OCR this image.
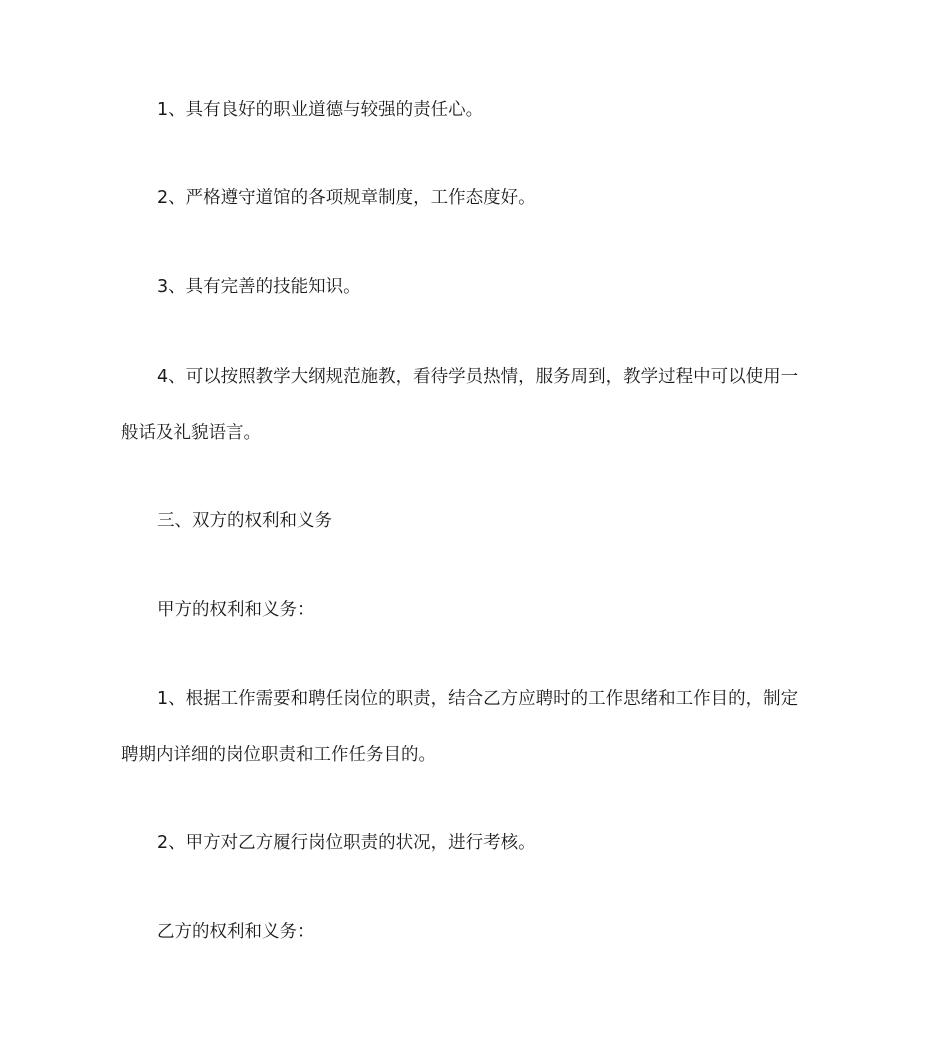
1、具有良好的职业道德与较强的责任心。
2、严格遵守道馆的各项规章制度，工作态度好。
3、具有完善的技能知识。
4、可以按照教学大纲规范施教，看待学员热情，服务周到，教学过程中可以使用一
般话及礼貌语言。
三、双方的权利和义务
甲方的权利和义务：
1、根据工作需要和聘任岗位的职责，结合乙方应聘时的工作思绪和工作目的，制定
聘期内详细的岗位职责和工作任务目的。
2、甲方对乙方履行岗位职责的状况，进行考核。
乙方的权利和义务：
